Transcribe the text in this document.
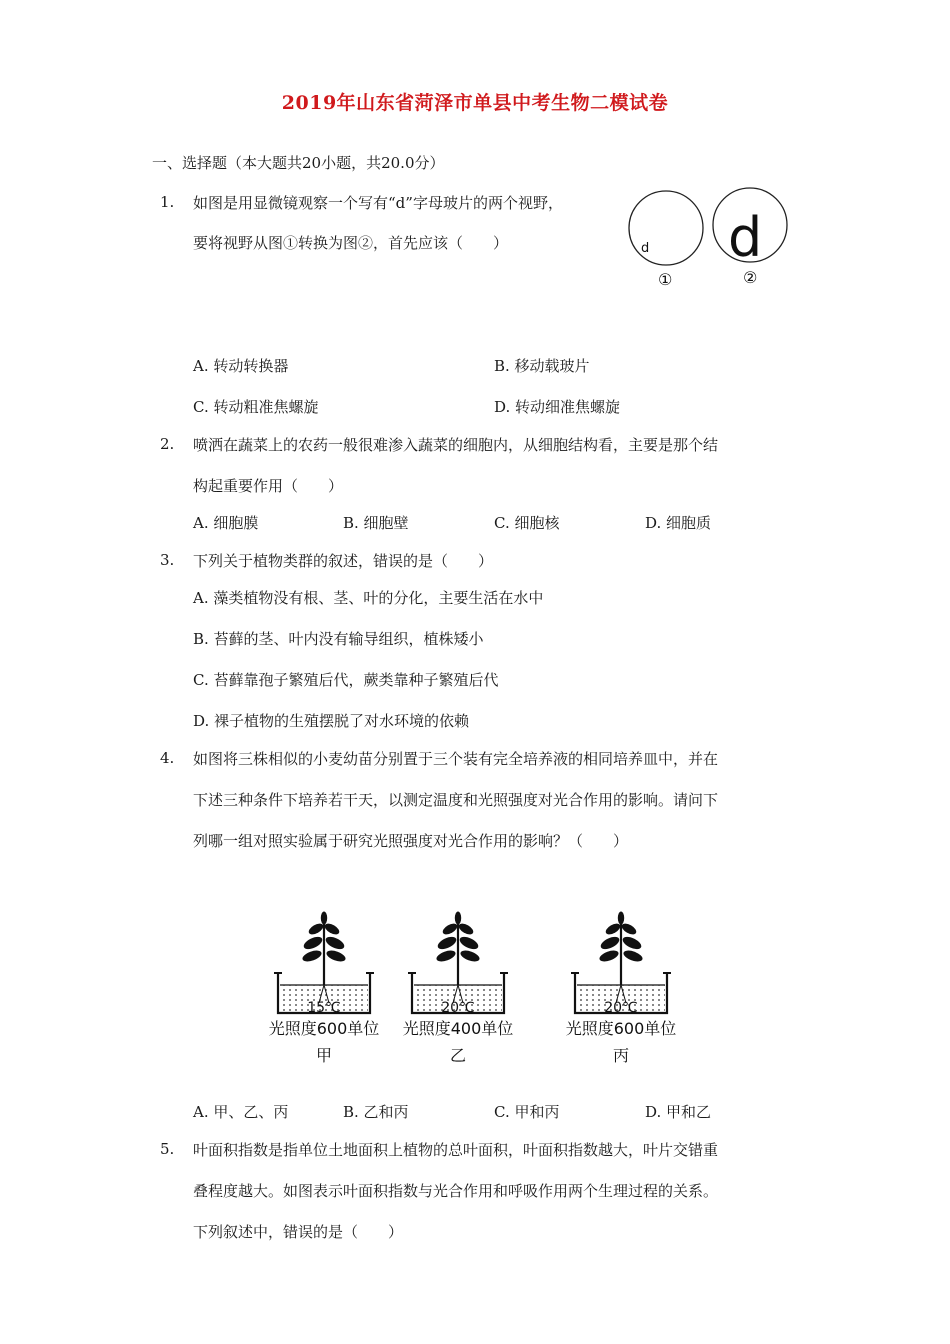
2019年山东省菏泽市单县中考生物二模试卷
一、选择题（本大题共20小题，共20.0分）
1. 如图是用显微镜观察一个写有“d”字母玻片的两个视野，
要将视野从图①转换为图②，首先应该（　　）	d
①
d
②
A. 转动转换器	B. 移动载玻片
C. 转动粗准焦螺旋	D. 转动细准焦螺旋
2. 喷洒在蔬菜上的农药一般很难渗入蔬菜的细胞内，从细胞结构看，主要是那个结
构起重要作用（　　）
A. 细胞膜	B. 细胞壁	C. 细胞核	D. 细胞质
3. 下列关于植物类群的叙述，错误的是（　　）
A. 藻类植物没有根、茎、叶的分化，主要生活在水中
B. 苔藓的茎、叶内没有输导组织，植株矮小
C. 苔藓靠孢子繁殖后代，蕨类靠种子繁殖后代
D. 裸子植物的生殖摆脱了对水环境的依赖
4. 如图将三株相似的小麦幼苗分别置于三个装有完全培养液的相同培养皿中，并在
下述三种条件下培养若干天，以测定温度和光照强度对光合作用的影响。请问下
列哪一组对照实验属于研究光照强度对光合作用的影响？（　　）
15℃
光照度600单位
甲
20℃
光照度400单位
乙
20℃
光照度600单位
丙
A. 甲、乙、丙	B. 乙和丙	C. 甲和丙	D. 甲和乙
5. 叶面积指数是指单位土地面积上植物的总叶面积，叶面积指数越大，叶片交错重
叠程度越大。如图表示叶面积指数与光合作用和呼吸作用两个生理过程的关系。
下列叙述中，错误的是（　　）
